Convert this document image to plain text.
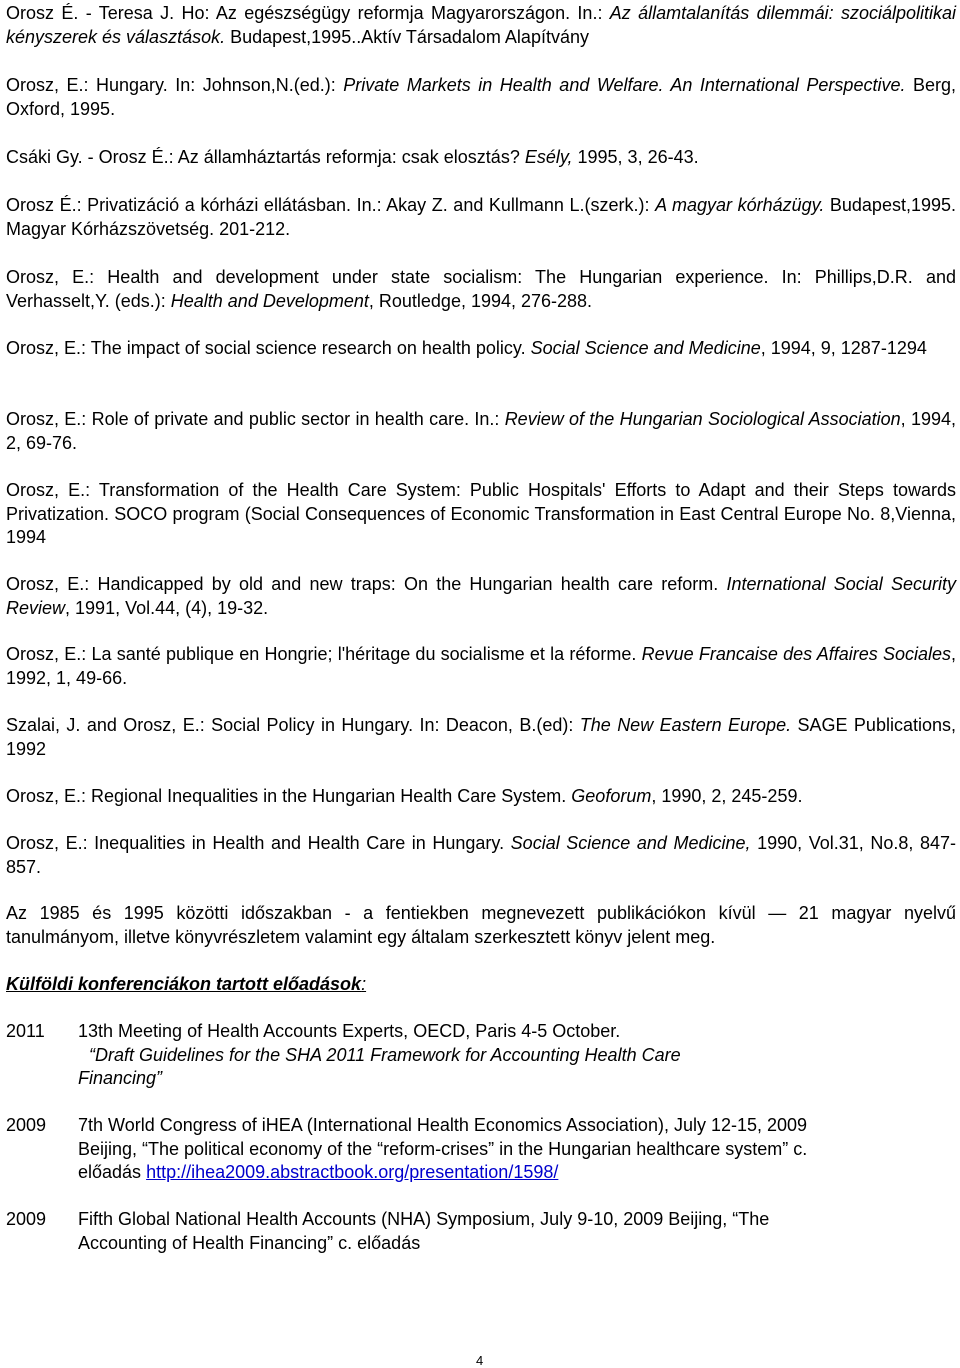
Orosz É. - Teresa J. Ho: Az egészségügy reformja Magyarországon. In.: Az államtalanítás dilemmái: szociálpolitikai kényszerek és választások. Budapest,1995..Aktív Társadalom Alapítvány

Orosz, E.: Hungary. In: Johnson,N.(ed.): Private Markets in Health and Welfare. An International Perspective. Berg, Oxford, 1995.

Csáki Gy. - Orosz É.: Az államháztartás reformja: csak elosztás? Esély, 1995, 3, 26-43.

Orosz É.: Privatizáció a kórházi ellátásban. In.: Akay Z. and Kullmann L.(szerk.): A magyar kórházügy. Budapest,1995. Magyar Kórházszövetség. 201-212.

Orosz, E.: Health and development under state socialism: The Hungarian experience. In: Phillips,D.R. and Verhasselt,Y. (eds.): Health and Development, Routledge, 1994, 276-288.

Orosz, E.: The impact of social science research on health policy. Social Science and Medicine, 1994, 9, 1287-1294

Orosz, E.: Role of private and public sector in health care. In.: Review of the Hungarian Sociological Association, 1994, 2, 69-76.

Orosz, E.: Transformation of the Health Care System: Public Hospitals' Efforts to Adapt and their Steps towards Privatization. SOCO program (Social Consequences of Economic Transformation in East Central Europe No. 8,Vienna, 1994

Orosz, E.: Handicapped by old and new traps: On the Hungarian health care reform. International Social Security Review, 1991, Vol.44, (4), 19-32.

Orosz, E.: La santé publique en Hongrie; l'héritage du socialisme et la réforme. Revue Francaise des Affaires Sociales, 1992, 1, 49-66.

Szalai, J. and Orosz, E.: Social Policy in Hungary. In: Deacon, B.(ed): The New Eastern Europe. SAGE Publications, 1992

Orosz, E.: Regional Inequalities in the Hungarian Health Care System. Geoforum, 1990, 2, 245-259.

Orosz, E.: Inequalities in Health and Health Care in Hungary. Social Science and Medicine, 1990, Vol.31, No.8, 847-857.

Az 1985 és 1995 közötti időszakban - a fentiekben megnevezett publikációkon kívül — 21 magyar nyelvű tanulmányom, illetve könyvrészletem valamint egy általam szerkesztett könyv jelent meg.

Külföldi konferenciákon tartott előadások:
2011	13th Meeting of Health Accounts Experts, OECD, Paris 4-5 October.
“Draft Guidelines for the SHA 2011 Framework for Accounting Health Care
Financing”
2009	7th World Congress of iHEA (International Health Economics Association), July 12-15, 2009
Beijing, “The political economy of the “reform-crises” in the Hungarian healthcare system” c.
előadás http://ihea2009.abstractbook.org/presentation/1598/
2009	Fifth Global National Health Accounts (NHA) Symposium, July 9-10, 2009 Beijing, “The
Accounting of Health Financing” c. előadás
4
